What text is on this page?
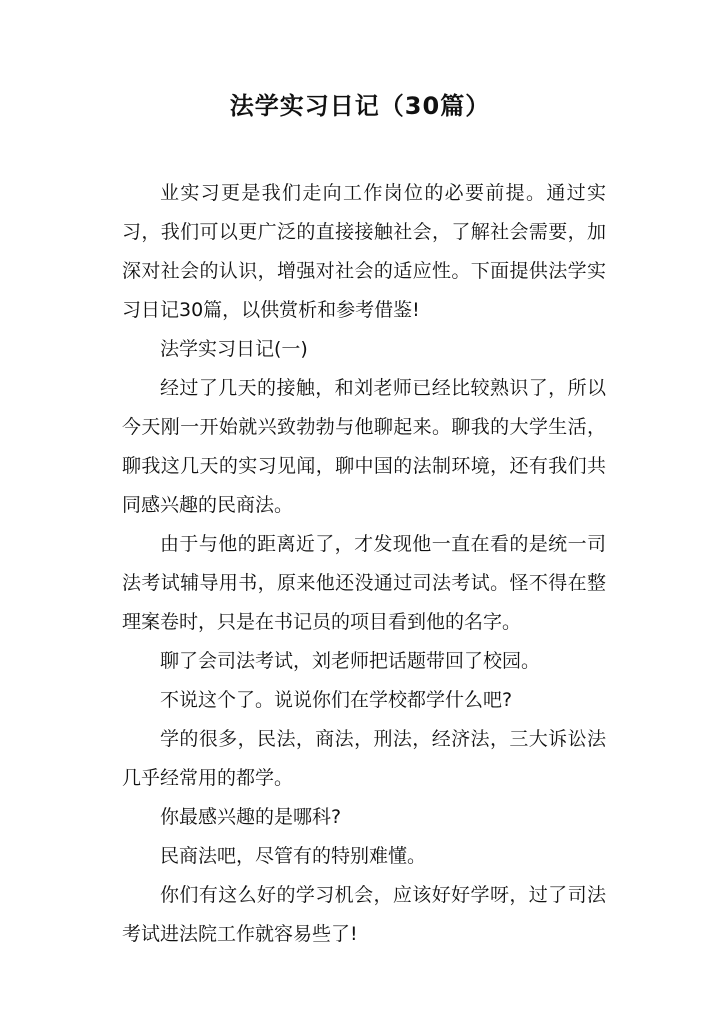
法学实习日记（30篇）

业实习更是我们走向工作岗位的必要前提。通过实习，我们可以更广泛的直接接触社会，了解社会需要，加深对社会的认识，增强对社会的适应性。下面提供法学实习日记30篇，以供赏析和参考借鉴!

法学实习日记(一)

经过了几天的接触，和刘老师已经比较熟识了，所以今天刚一开始就兴致勃勃与他聊起来。聊我的大学生活，聊我这几天的实习见闻，聊中国的法制环境，还有我们共同感兴趣的民商法。

由于与他的距离近了，才发现他一直在看的是统一司法考试辅导用书，原来他还没通过司法考试。怪不得在整理案卷时，只是在书记员的项目看到他的名字。

聊了会司法考试，刘老师把话题带回了校园。

不说这个了。说说你们在学校都学什么吧?

学的很多，民法，商法，刑法，经济法，三大诉讼法几乎经常用的都学。

你最感兴趣的是哪科?

民商法吧，尽管有的特别难懂。

你们有这么好的学习机会，应该好好学呀，过了司法考试进法院工作就容易些了!
